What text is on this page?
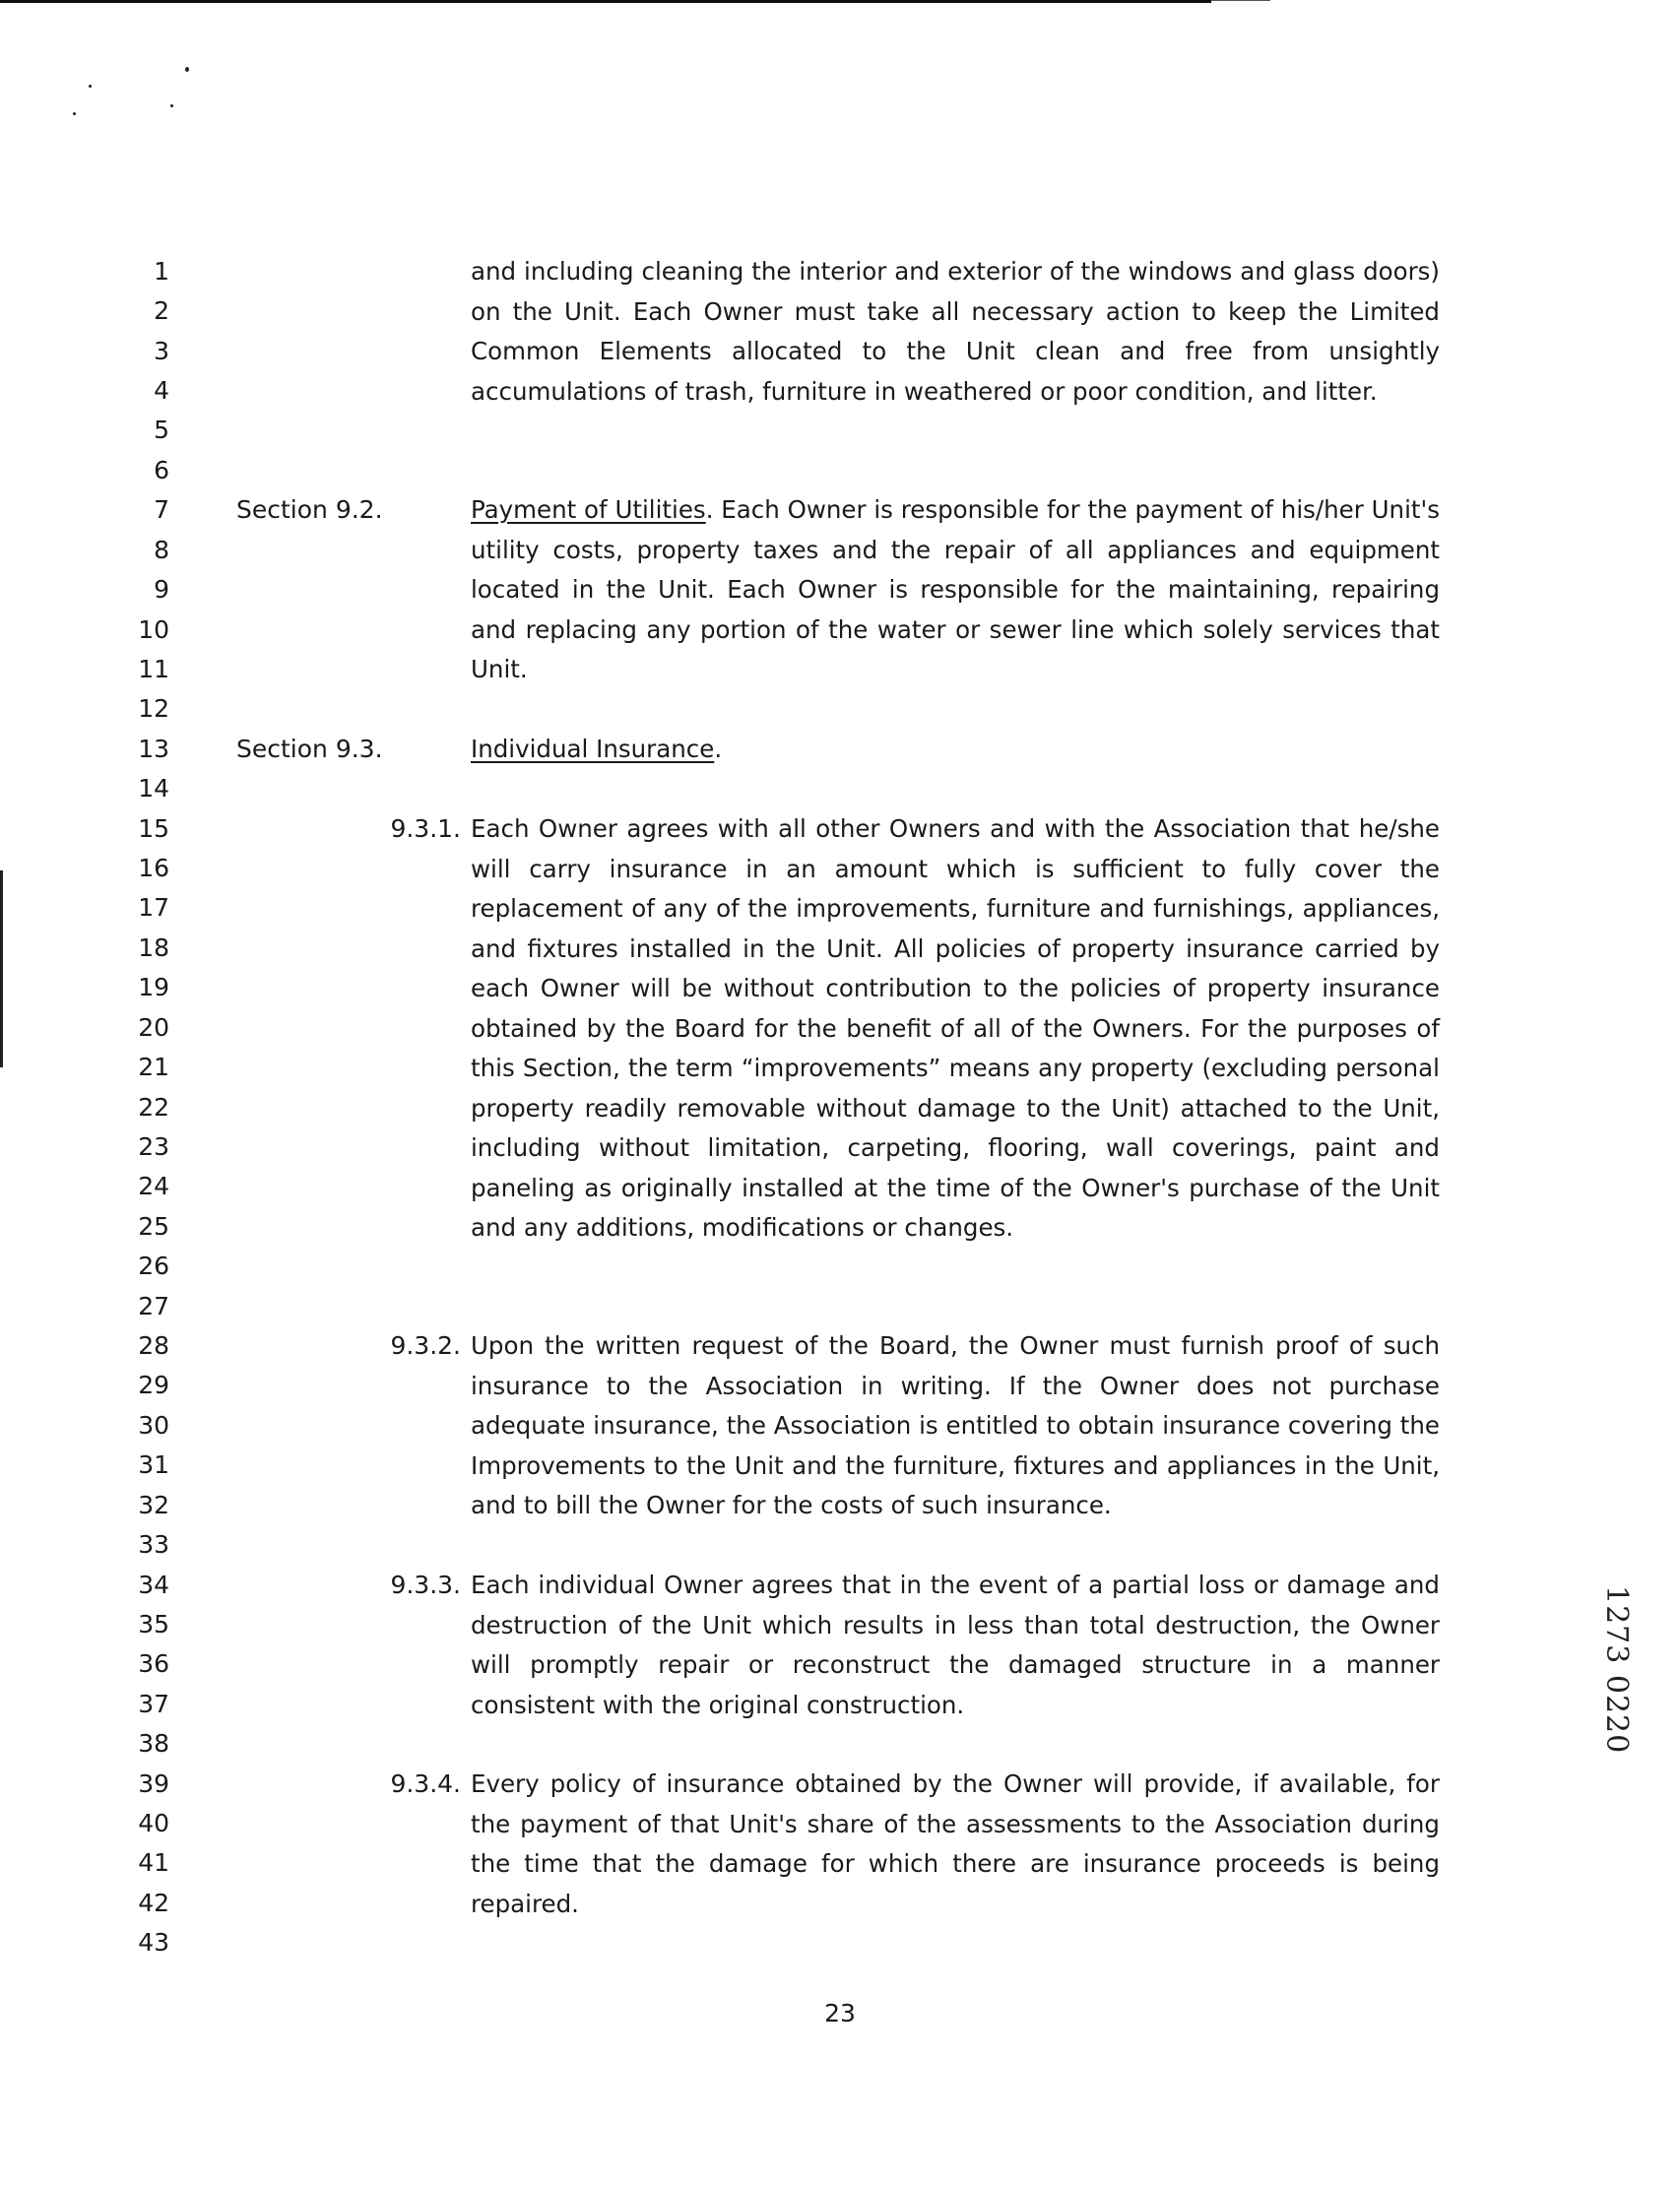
1
2
3
4
5
6
7
8
9
10
11
12
13
14
15
16
17
18
19
20
21
22
23
24
25
26
27
28
29
30
31
32
33
34
35
36
37
38
39
40
41
42
43

and including cleaning the interior and exterior of the windows and glass doors) on the Unit. Each Owner must take all necessary action to keep the Limited Common Elements allocated to the Unit clean and free from unsightly accumulations of trash, furniture in weathered or poor condition, and litter.

Section 9.2.	Payment of Utilities. Each Owner is responsible for the payment of his/her Unit's utility costs, property taxes and the repair of all appliances and equipment located in the Unit. Each Owner is responsible for the maintaining, repairing and replacing any portion of the water or sewer line which solely services that Unit.

Section 9.3.	Individual Insurance.

9.3.1. Each Owner agrees with all other Owners and with the Association that he/she will carry insurance in an amount which is sufficient to fully cover the replacement of any of the improvements, furniture and furnishings, appliances, and fixtures installed in the Unit. All policies of property insurance carried by each Owner will be without contribution to the policies of property insurance obtained by the Board for the benefit of all of the Owners. For the purposes of this Section, the term “improvements” means any property (excluding personal property readily removable without damage to the Unit) attached to the Unit, including without limitation, carpeting, flooring, wall coverings, paint and paneling as originally installed at the time of the Owner's purchase of the Unit and any additions, modifications or changes.

9.3.2. Upon the written request of the Board, the Owner must furnish proof of such insurance to the Association in writing. If the Owner does not purchase adequate insurance, the Association is entitled to obtain insurance covering the Improvements to the Unit and the furniture, fixtures and appliances in the Unit, and to bill the Owner for the costs of such insurance.

9.3.3. Each individual Owner agrees that in the event of a partial loss or damage and destruction of the Unit which results in less than total destruction, the Owner will promptly repair or reconstruct the damaged structure in a manner consistent with the original construction.

9.3.4. Every policy of insurance obtained by the Owner will provide, if available, for the payment of that Unit's share of the assessments to the Association during the time that the damage for which there are insurance proceeds is being repaired.

23
1273 0220
